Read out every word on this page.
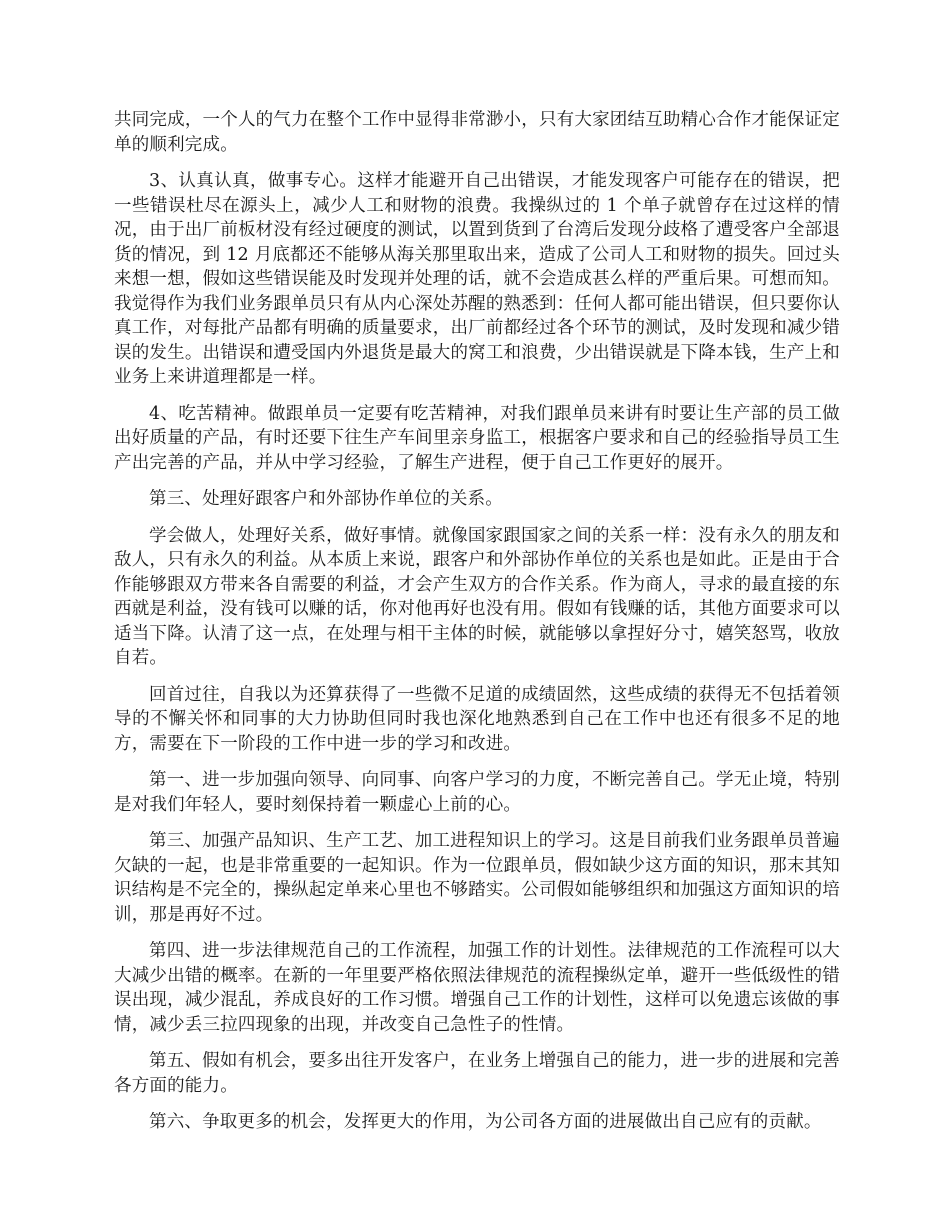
共同完成，一个人的气力在整个工作中显得非常渺小，只有大家团结互助精心合作才能保证定单的顺利完成。

3、认真认真，做事专心。这样才能避开自己出错误，才能发现客户可能存在的错误，把一些错误杜尽在源头上，减少人工和财物的浪费。我操纵过的 1 个单子就曾存在过这样的情况，由于出厂前板材没有经过硬度的测试，以置到货到了台湾后发现分歧格了遭受客户全部退货的情况，到 12 月底都还不能够从海关那里取出来，造成了公司人工和财物的损失。回过头来想一想，假如这些错误能及时发现并处理的话，就不会造成甚么样的严重后果。可想而知。我觉得作为我们业务跟单员只有从内心深处苏醒的熟悉到：任何人都可能出错误，但只要你认真工作，对每批产品都有明确的质量要求，出厂前都经过各个环节的测试，及时发现和减少错误的发生。出错误和遭受国内外退货是最大的窝工和浪费，少出错误就是下降本钱，生产上和业务上来讲道理都是一样。

4、吃苦精神。做跟单员一定要有吃苦精神，对我们跟单员来讲有时要让生产部的员工做出好质量的产品，有时还要下往生产车间里亲身监工，根据客户要求和自己的经验指导员工生产出完善的产品，并从中学习经验，了解生产进程，便于自己工作更好的展开。

第三、处理好跟客户和外部协作单位的关系。

学会做人，处理好关系，做好事情。就像国家跟国家之间的关系一样：没有永久的朋友和敌人，只有永久的利益。从本质上来说，跟客户和外部协作单位的关系也是如此。正是由于合作能够跟双方带来各自需要的利益，才会产生双方的合作关系。作为商人，寻求的最直接的东西就是利益，没有钱可以赚的话，你对他再好也没有用。假如有钱赚的话，其他方面要求可以适当下降。认清了这一点，在处理与相干主体的时候，就能够以拿捏好分寸，嬉笑怒骂，收放自若。

回首过往，自我以为还算获得了一些微不足道的成绩固然，这些成绩的获得无不包括着领导的不懈关怀和同事的大力协助但同时我也深化地熟悉到自己在工作中也还有很多不足的地方，需要在下一阶段的工作中进一步的学习和改进。

第一、进一步加强向领导、向同事、向客户学习的力度，不断完善自己。学无止境，特别是对我们年轻人，要时刻保持着一颗虚心上前的心。

第三、加强产品知识、生产工艺、加工进程知识上的学习。这是目前我们业务跟单员普遍欠缺的一起，也是非常重要的一起知识。作为一位跟单员，假如缺少这方面的知识，那末其知识结构是不完全的，操纵起定单来心里也不够踏实。公司假如能够组织和加强这方面知识的培训，那是再好不过。

第四、进一步法律规范自己的工作流程，加强工作的计划性。法律规范的工作流程可以大大减少出错的概率。在新的一年里要严格依照法律规范的流程操纵定单，避开一些低级性的错误出现，减少混乱，养成良好的工作习惯。增强自己工作的计划性，这样可以免遗忘该做的事情，减少丢三拉四现象的出现，并改变自己急性子的性情。

第五、假如有机会，要多出往开发客户，在业务上增强自己的能力，进一步的进展和完善各方面的能力。

第六、争取更多的机会，发挥更大的作用，为公司各方面的进展做出自己应有的贡献。
